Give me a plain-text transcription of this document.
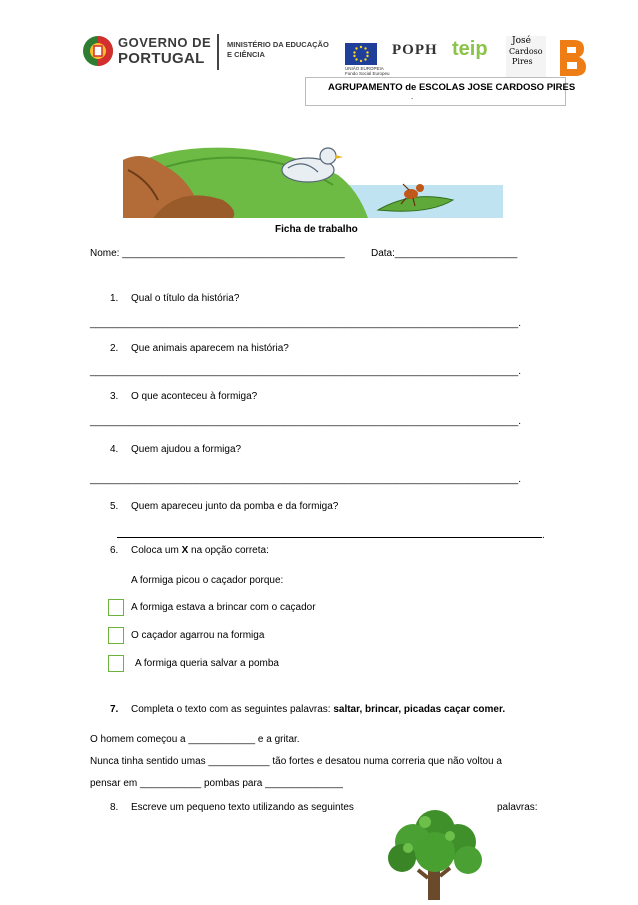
GOVERNO DE
PORTUGAL
MINISTÉRIO DA EDUCAÇÃO
E CIÊNCIA
UNIÃO EUROPEIA
Fundo Social Europeu
POPH teip	José
Cardoso
Pires
AGRUPAMENTO de ESCOLAS JOSE CARDOSO PIRES
.
Ficha de trabalho
Nome: ________________________________________	Data:______________________
1. Qual o título da história?
_____________________________________________________________________________.
2. Que animais aparecem na história?
_____________________________________________________________________________.
3. O que aconteceu à formiga?
_____________________________________________________________________________.
4. Quem ajudou a formiga?
_____________________________________________________________________________.
5. Quem apareceu junto da pomba e da formiga?
.
6. Coloca um X na opção correta:
A formiga picou o caçador porque:
A formiga estava a brincar com o caçador
O caçador agarrou na formiga
A formiga queria salvar a pomba
7. Completa o texto com as seguintes palavras: saltar, brincar, picadas caçar comer.
O homem começou a ____________ e a gritar.
Nunca tinha sentido umas ___________ tão fortes e desatou numa correria que não voltou a
pensar em ___________ pombas para ______________
8. Escreve um pequeno texto utilizando as seguintes	palavras:
